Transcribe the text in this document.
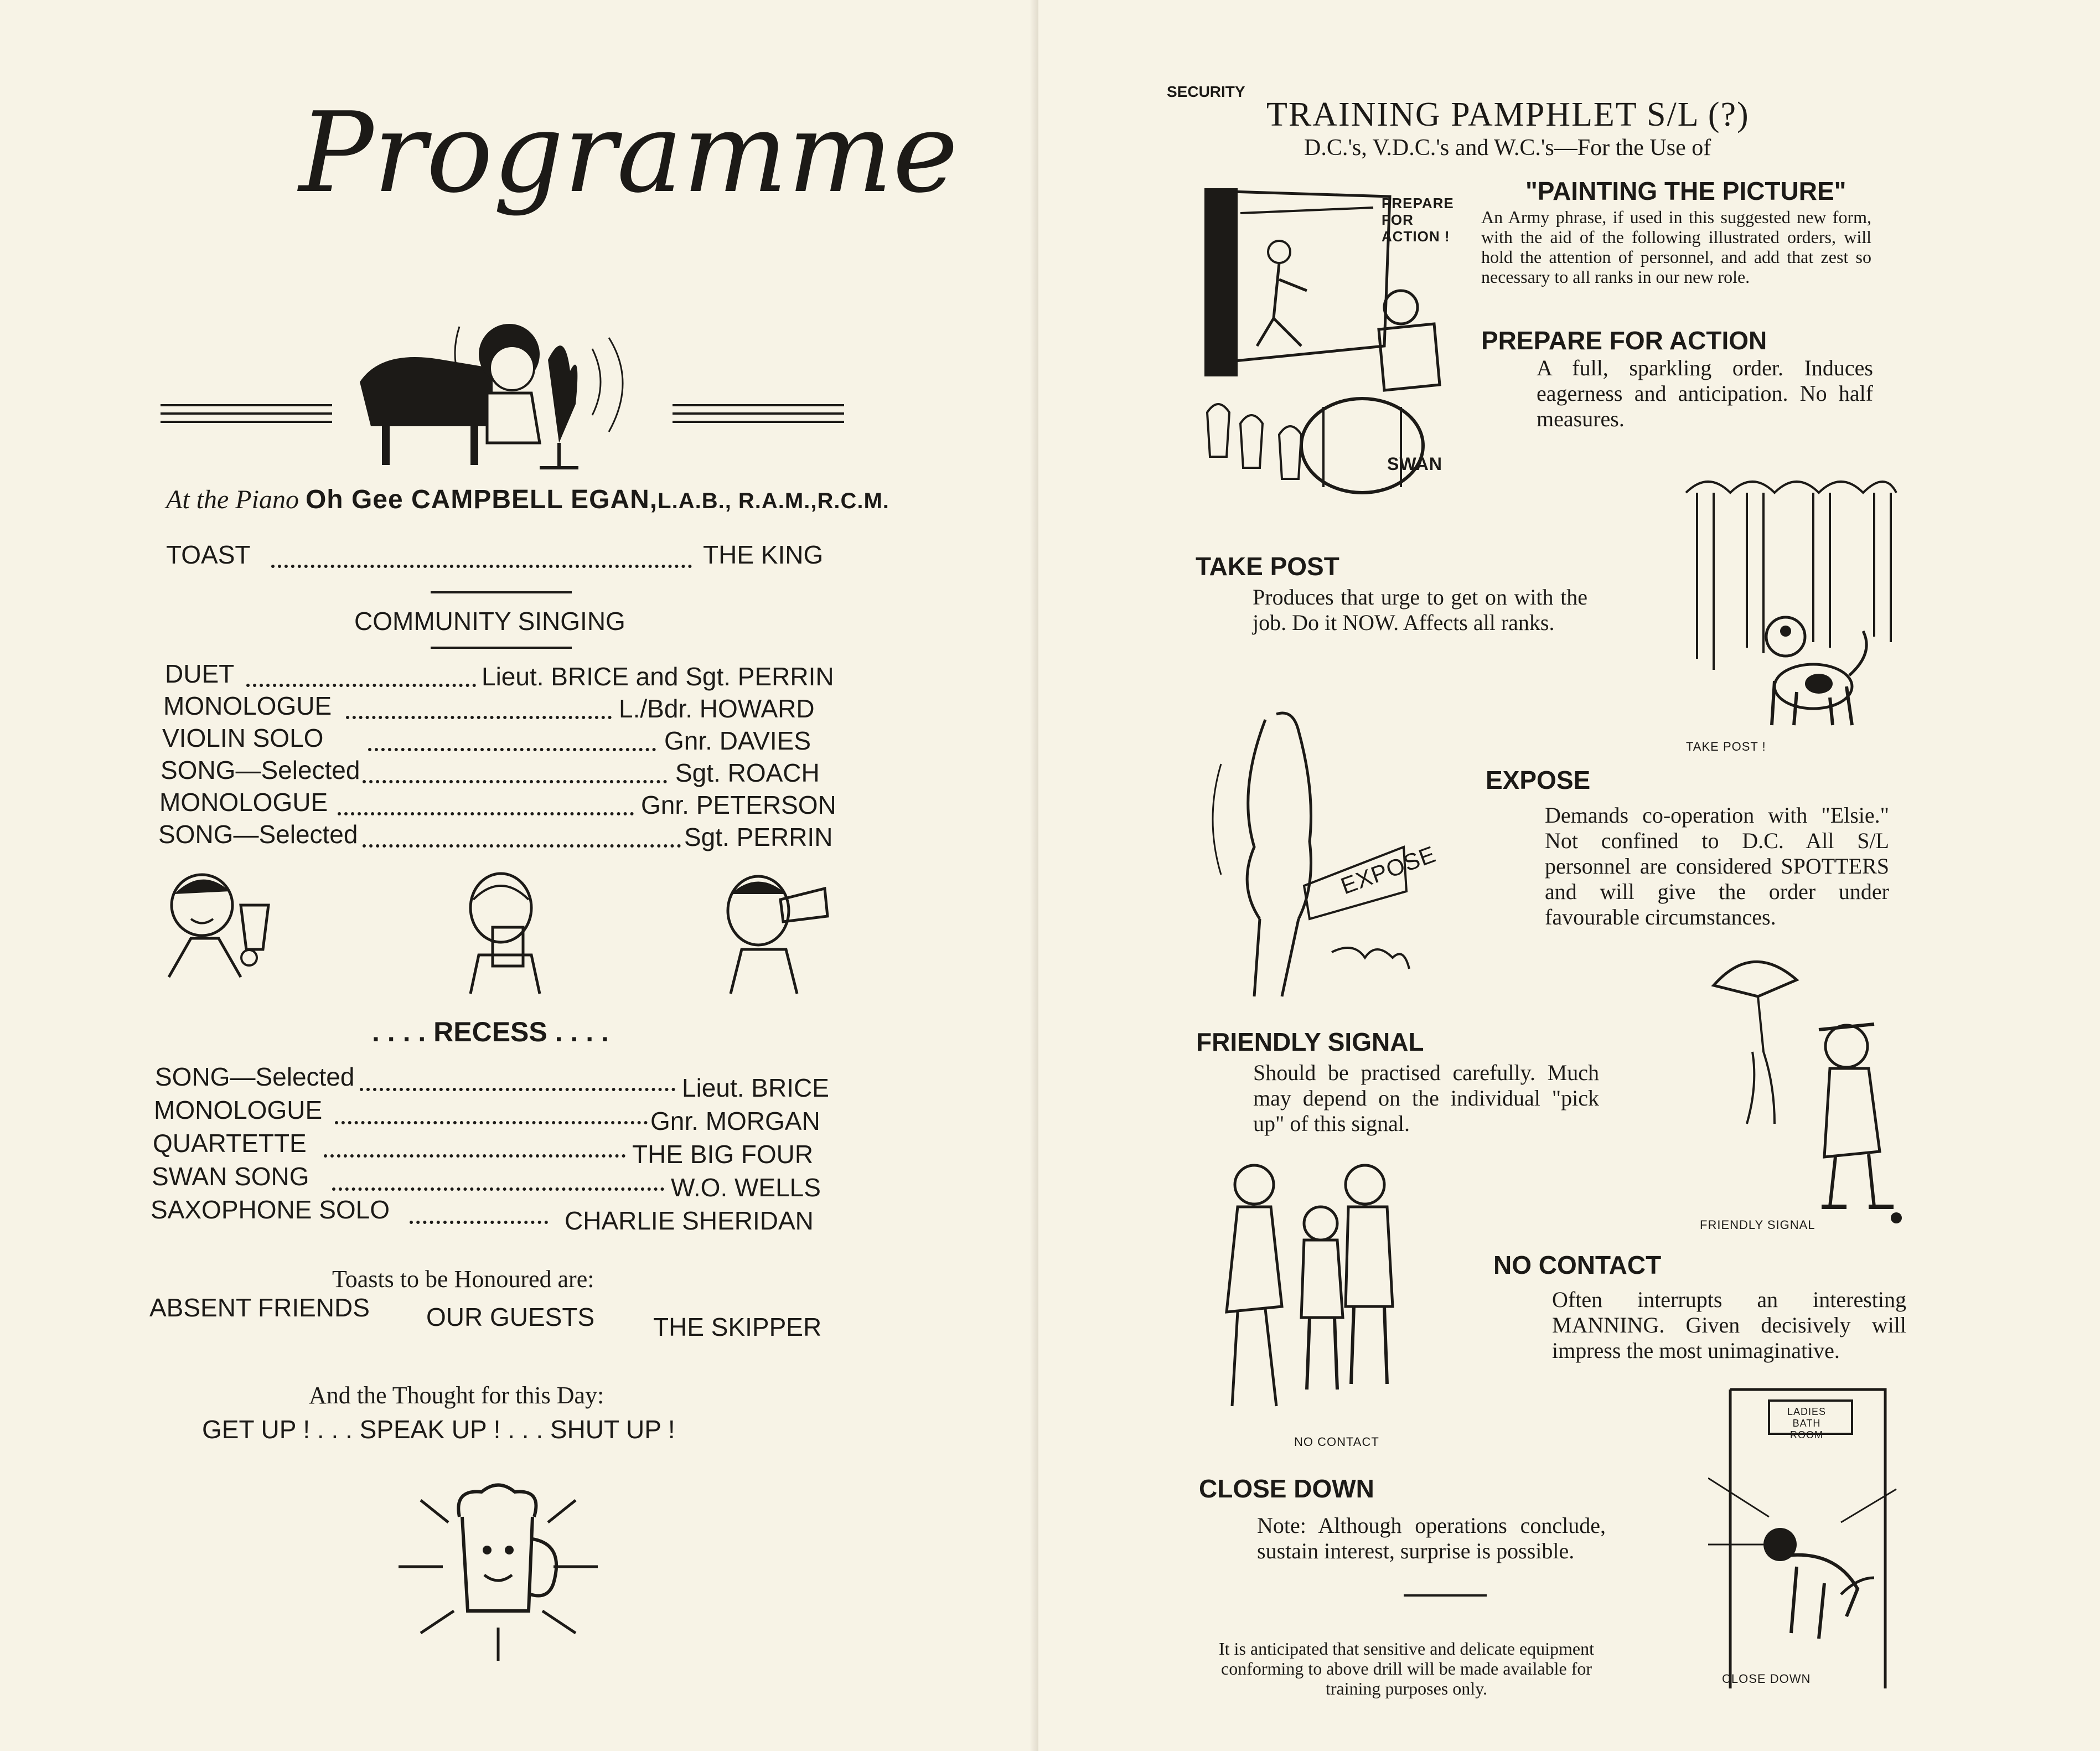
Programme
At the Piano Oh Gee CAMPBELL EGAN,L.A.B., R.A.M.,R.C.M.
TOAST	THE KING
COMMUNITY SINGING
DUET	Lieut. BRICE and Sgt. PERRIN
MONOLOGUE	L./Bdr. HOWARD
VIOLIN SOLO	Gnr. DAVIES
SONG—Selected	Sgt. ROACH
MONOLOGUE	Gnr. PETERSON
SONG—Selected	Sgt. PERRIN
. . . . RECESS . . . .
SONG—Selected	Lieut. BRICE
MONOLOGUE	Gnr. MORGAN
QUARTETTE	THE BIG FOUR
SWAN SONG	W.O. WELLS
SAXOPHONE SOLO	CHARLIE SHERIDAN
Toasts to be Honoured are:
ABSENT FRIENDS OUR GUESTS THE SKIPPER
And the Thought for this Day:
GET UP ! . . . SPEAK UP ! . . . SHUT UP !
SECURITY
TRAINING PAMPHLET S/L (?)
D.C.'s, V.D.C.'s and W.C.'s—For the Use of
PREPARE FOR ACTION !
SWAN
"PAINTING THE PICTURE"
An Army phrase, if used in this suggested new form, with the aid of the following illustrated orders, will hold the attention of personnel, and add that zest so necessary to all ranks in our new role.
PREPARE FOR ACTION
A full, sparkling order. Induces eagerness and anticipation. No half measures.
TAKE POST !
TAKE POST
Produces that urge to get on with the job. Do it NOW. Affects all ranks.
EXPOSE
EXPOSE
Demands co-operation with "Elsie." Not confined to D.C. All S/L personnel are considered SPOTTERS and will give the order under favourable circumstances.
FRIENDLY SIGNAL
FRIENDLY SIGNAL
Should be practised carefully. Much may depend on the individual "pick up" of this signal.
NO CONTACT
NO CONTACT
Often interrupts an interesting MANNING. Given decisively will impress the most unimaginative.
LADIES BATH ROOM
CLOSE DOWN
CLOSE DOWN
Note: Although operations conclude, sustain interest, surprise is possible.
It is anticipated that sensitive and delicate equipment conforming to above drill will be made available for training purposes only.
